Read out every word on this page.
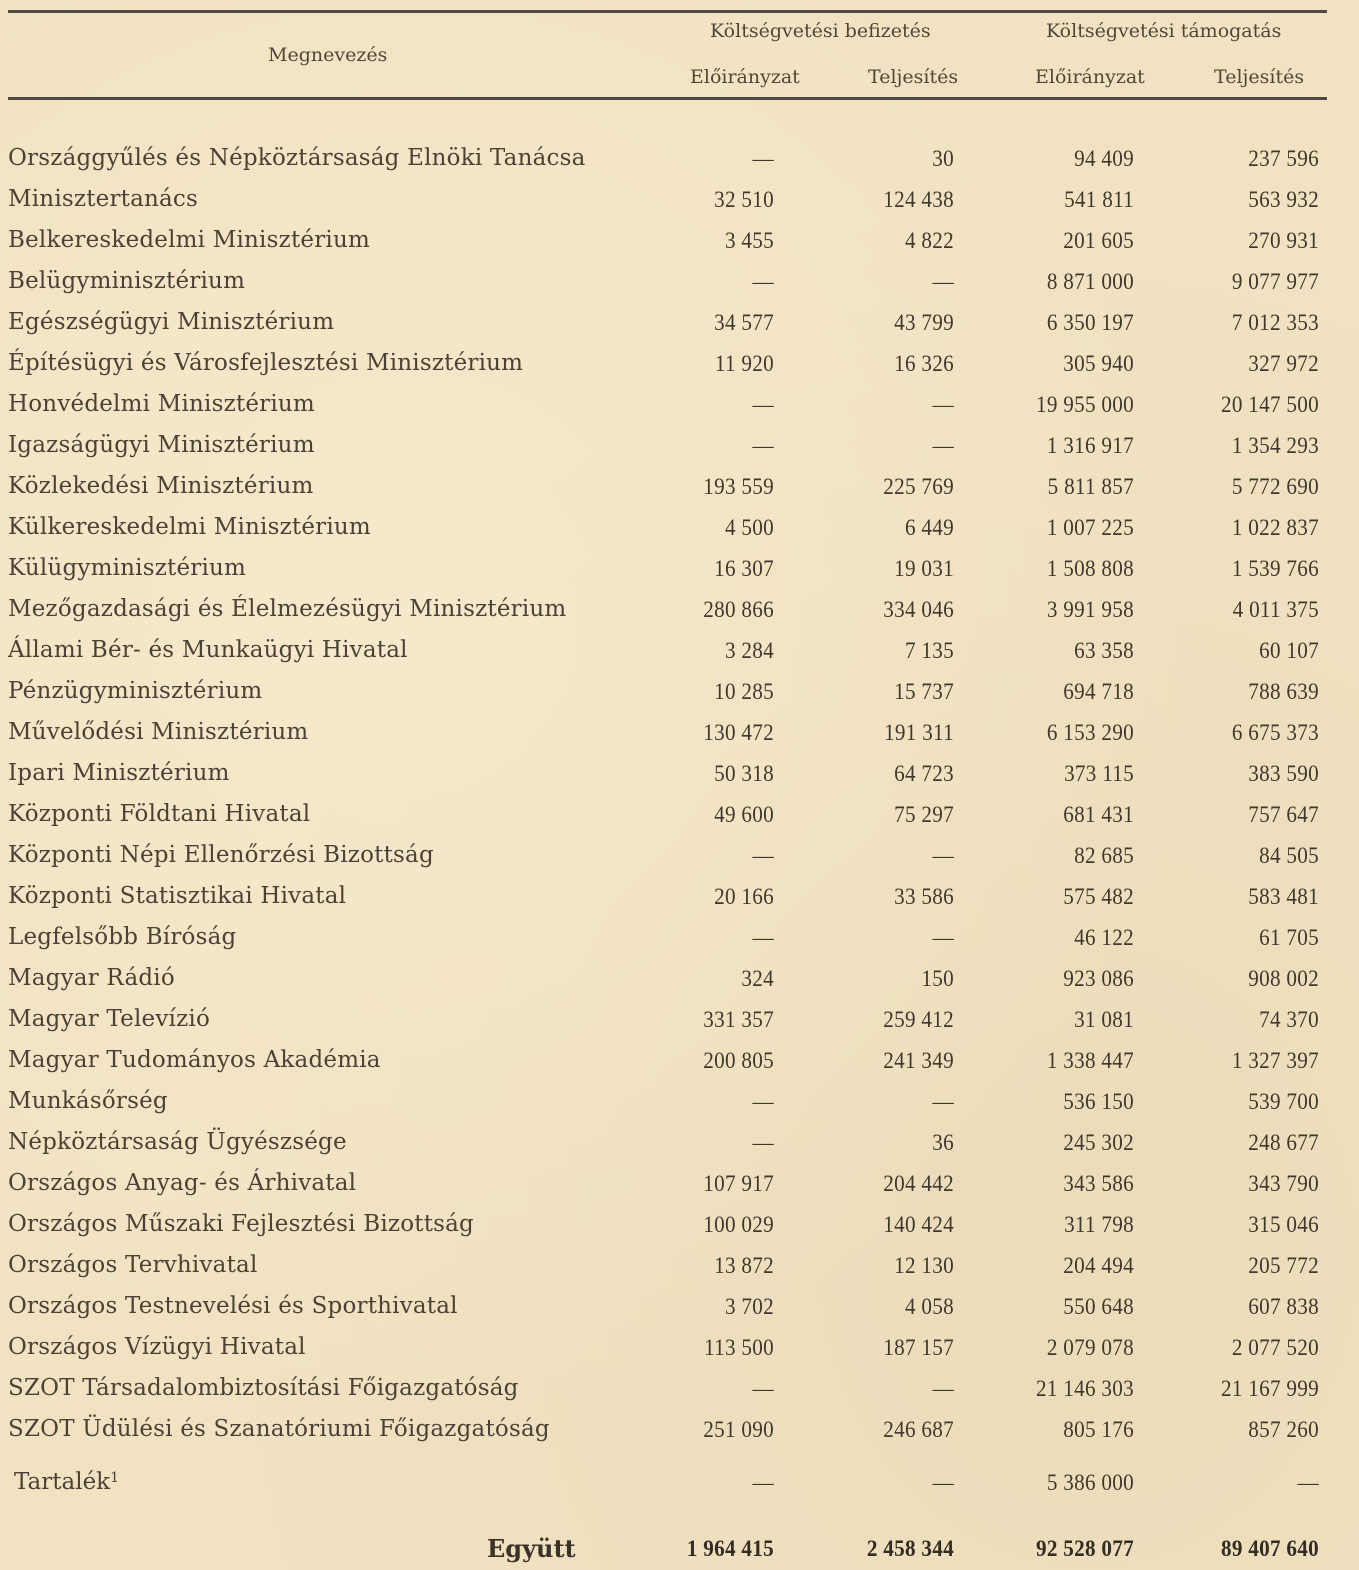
Megnevezés
Költségvetési befizetés	Költségvetési támogatás
Előirányzat	Teljesítés	Előirányzat	Teljesítés
Országgyűlés és Népköztársaság Elnöki Tanácsa	—	30	94 409	237 596
Minisztertanács	32 510	124 438	541 811	563 932
Belkereskedelmi Minisztérium	3 455	4 822	201 605	270 931
Belügyminisztérium	—	—	8 871 000	9 077 977
Egészségügyi Minisztérium	34 577	43 799	6 350 197	7 012 353
Építésügyi és Városfejlesztési Minisztérium	11 920	16 326	305 940	327 972
Honvédelmi Minisztérium	—	—	19 955 000	20 147 500
Igazságügyi Minisztérium	—	—	1 316 917	1 354 293
Közlekedési Minisztérium	193 559	225 769	5 811 857	5 772 690
Külkereskedelmi Minisztérium	4 500	6 449	1 007 225	1 022 837
Külügyminisztérium	16 307	19 031	1 508 808	1 539 766
Mezőgazdasági és Élelmezésügyi Minisztérium	280 866	334 046	3 991 958	4 011 375
Állami Bér- és Munkaügyi Hivatal	3 284	7 135	63 358	60 107
Pénzügyminisztérium	10 285	15 737	694 718	788 639
Művelődési Minisztérium	130 472	191 311	6 153 290	6 675 373
Ipari Minisztérium	50 318	64 723	373 115	383 590
Központi Földtani Hivatal	49 600	75 297	681 431	757 647
Központi Népi Ellenőrzési Bizottság	—	—	82 685	84 505
Központi Statisztikai Hivatal	20 166	33 586	575 482	583 481
Legfelsőbb Bíróság	—	—	46 122	61 705
Magyar Rádió	324	150	923 086	908 002
Magyar Televízió	331 357	259 412	31 081	74 370
Magyar Tudományos Akadémia	200 805	241 349	1 338 447	1 327 397
Munkásőrség	—	—	536 150	539 700
Népköztársaság Ügyészsége	—	36	245 302	248 677
Országos Anyag- és Árhivatal	107 917	204 442	343 586	343 790
Országos Műszaki Fejlesztési Bizottság	100 029	140 424	311 798	315 046
Országos Tervhivatal	13 872	12 130	204 494	205 772
Országos Testnevelési és Sporthivatal	3 702	4 058	550 648	607 838
Országos Vízügyi Hivatal	113 500	187 157	2 079 078	2 077 520
SZOT Társadalombiztosítási Főigazgatóság	—	—	21 146 303	21 167 999
SZOT Üdülési és Szanatóriumi Főigazgatóság	251 090	246 687	805 176	857 260
Tartalék$^1$	—	—	5 386 000	—
Együtt	1 964 415	2 458 344	92 528 077	89 407 640
